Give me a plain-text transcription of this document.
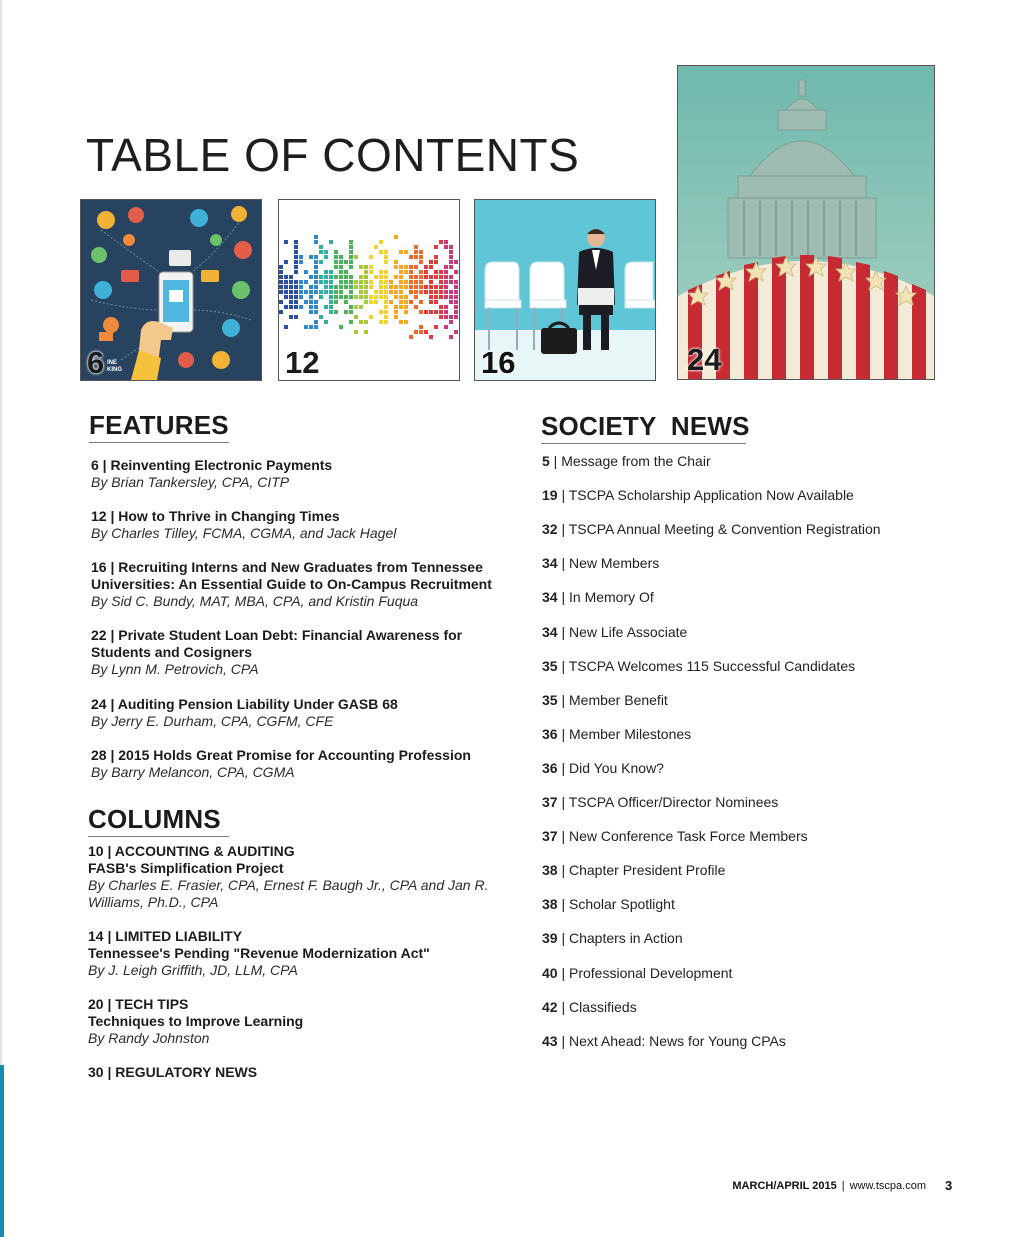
TABLE OF CONTENTS
6 INE KING	12	16	24
FEATURES
6 | Reinventing Electronic Payments
By Brian Tankersley, CPA, CITP
12 | How to Thrive in Changing Times
By Charles Tilley, FCMA, CGMA, and Jack Hagel
16 | Recruiting Interns and New Graduates from Tennessee Universities: An Essential Guide to On-Campus Recruitment
By Sid C. Bundy, MAT, MBA, CPA, and Kristin Fuqua
22 | Private Student Loan Debt: Financial Awareness for Students and Cosigners
By Lynn M. Petrovich, CPA
24 | Auditing Pension Liability Under GASB 68
By Jerry E. Durham, CPA, CGFM, CFE
28 | 2015 Holds Great Promise for Accounting Profession
By Barry Melancon, CPA, CGMA
COLUMNS
10 | ACCOUNTING & AUDITING
FASB's Simplification Project
By Charles E. Frasier, CPA, Ernest F. Baugh Jr., CPA and Jan R. Williams, Ph.D., CPA
14 | LIMITED LIABILITY
Tennessee's Pending "Revenue Modernization Act"
By J. Leigh Griffith, JD, LLM, CPA
20 | TECH TIPS
Techniques to Improve Learning
By Randy Johnston
30 | REGULATORY NEWS
SOCIETY  NEWS
5 | Message from the Chair
19 | TSCPA Scholarship Application Now Available
32 | TSCPA Annual Meeting & Convention Registration
34 | New Members
34 | In Memory Of
34 | New Life Associate
35 | TSCPA Welcomes 115 Successful Candidates
35 | Member Benefit
36 | Member Milestones
36 | Did You Know?
37 | TSCPA Officer/Director Nominees
37 | New Conference Task Force Members
38 | Chapter President Profile
38 | Scholar Spotlight
39 | Chapters in Action
40 | Professional Development
42 | Classifieds
43 | Next Ahead: News for Young CPAs
MARCH/APRIL 2015 | www.tscpa.com 3
